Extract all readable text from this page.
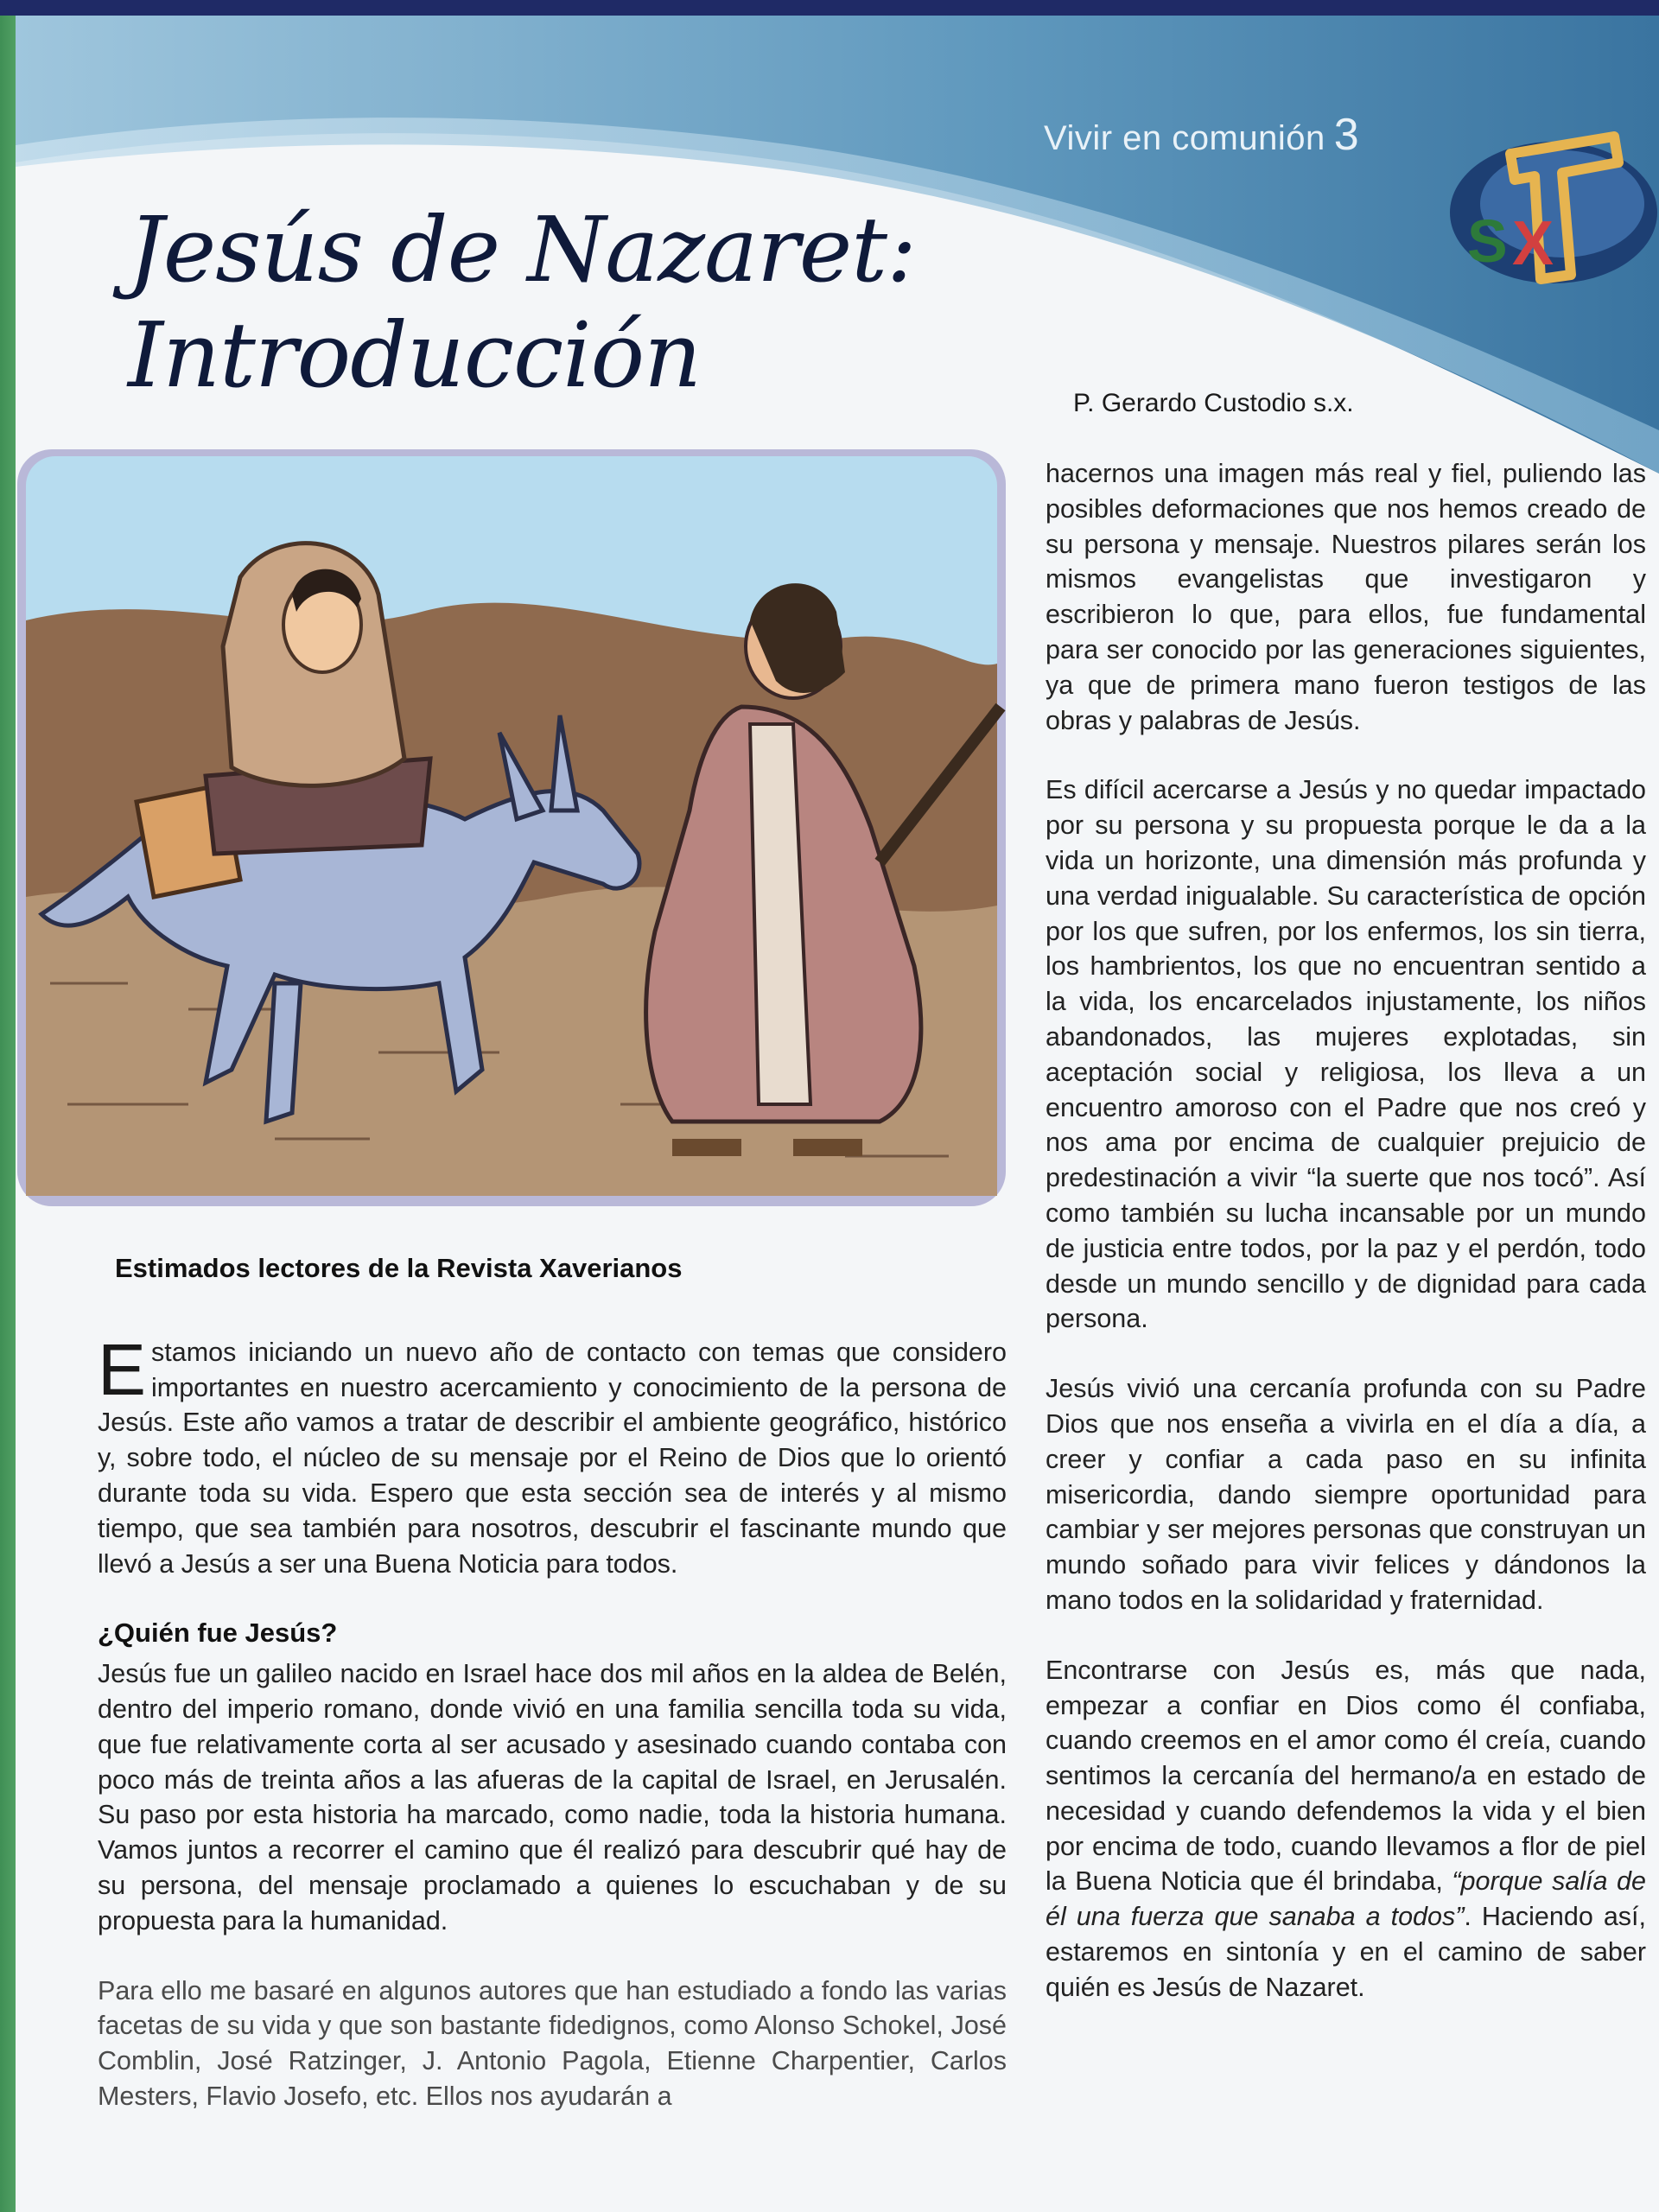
Vivir en comunión 3
S X
Jesús de Nazaret:
Introducción	P. Gerardo Custodio s.x.

Estimados lectores de la Revista Xaverianos

Estamos iniciando un nuevo año de contacto con temas que considero importantes en nuestro acercamiento y conocimiento de la persona de Jesús. Este año vamos a tratar de describir el ambiente geográfico, histórico y, sobre todo, el núcleo de su mensaje por el Reino de Dios que lo orientó durante toda su vida. Espero que esta sección sea de interés y al mismo tiempo, que sea también para nosotros, descubrir el fascinante mundo que llevó a Jesús a ser una Buena Noticia para todos.

¿Quién fue Jesús?

Jesús fue un galileo nacido en Israel hace dos mil años en la aldea de Belén, dentro del imperio romano, donde vivió en una familia sencilla toda su vida, que fue relativamente corta al ser acusado y asesinado cuando contaba con poco más de treinta años a las afueras de la capital de Israel, en Jerusalén. Su paso por esta historia ha marcado, como nadie, toda la historia humana. Vamos juntos a recorrer el camino que él realizó para descubrir qué hay de su persona, del mensaje proclamado a quienes lo escuchaban y de su propuesta para la humanidad.

Para ello me basaré en algunos autores que han estudiado a fondo las varias facetas de su vida y que son bastante fidedignos, como Alonso Schokel, José Comblin, José Ratzinger, J. Antonio Pagola, Etienne Charpentier, Carlos Mesters, Flavio Josefo, etc. Ellos nos ayudarán a

hacernos una imagen más real y fiel, puliendo las posibles deformaciones que nos hemos creado de su persona y mensaje. Nuestros pilares serán los mismos evangelistas que investigaron y escribieron lo que, para ellos, fue fundamental para ser conocido por las generaciones siguientes, ya que de primera mano fueron testigos de las obras y palabras de Jesús.

Es difícil acercarse a Jesús y no quedar impactado por su persona y su propuesta porque le da a la vida un horizonte, una dimensión más profunda y una verdad inigualable. Su característica de opción por los que sufren, por los enfermos, los sin tierra, los hambrientos, los que no encuentran sentido a la vida, los encarcelados injustamente, los niños abandonados, las mujeres explotadas, sin aceptación social y religiosa, los lleva a un encuentro amoroso con el Padre que nos creó y nos ama por encima de cualquier prejuicio de predestinación a vivir “la suerte que nos tocó”. Así como también su lucha incansable por un mundo de justicia entre todos, por la paz y el perdón, todo desde un mundo sencillo y de dignidad para cada persona.

Jesús vivió una cercanía profunda con su Padre Dios que nos enseña a vivirla en el día a día, a creer y confiar a cada paso en su infinita misericordia, dando siempre oportunidad para cambiar y ser mejores personas que construyan un mundo soñado para vivir felices y dándonos la mano todos en la solidaridad y fraternidad.

Encontrarse con Jesús es, más que nada, empezar a confiar en Dios como él confiaba, cuando creemos en el amor como él creía, cuando sentimos la cercanía del hermano/a en estado de necesidad y cuando defendemos la vida y el bien por encima de todo, cuando llevamos a flor de piel la Buena Noticia que él brindaba, “porque salía de él una fuerza que sanaba a todos”. Haciendo así, estaremos en sintonía y en el camino de saber quién es Jesús de Nazaret.
